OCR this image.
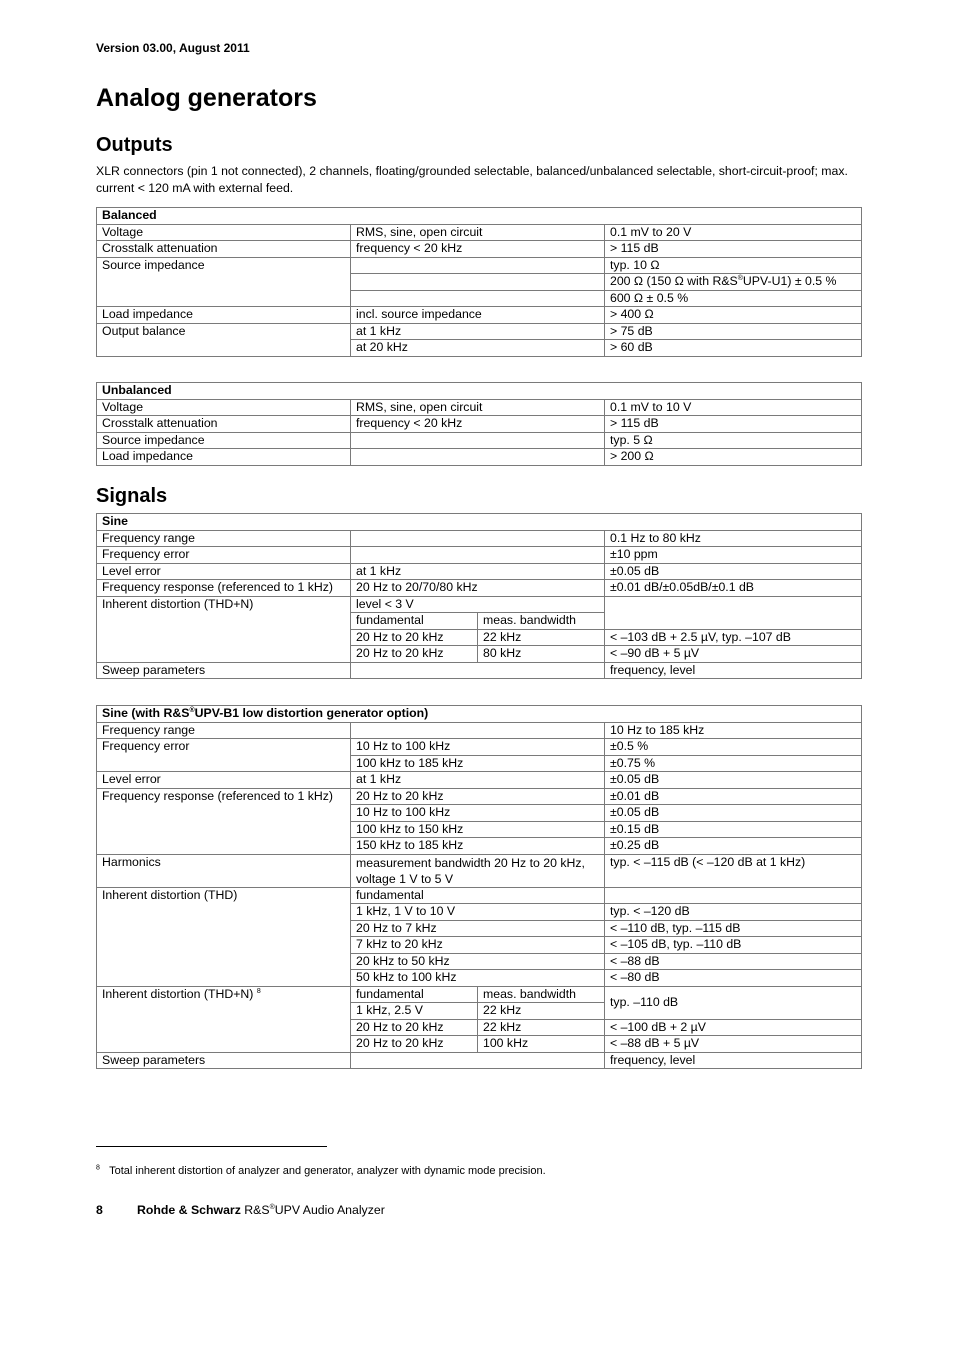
Version 03.00, August 2011
Analog generators
Outputs

XLR connectors (pin 1 not connected), 2 channels, floating/grounded selectable, balanced/unbalanced selectable, short-circuit-proof; max. current < 120 mA with external feed.

Balanced		
Voltage	RMS, sine, open circuit	0.1 mV to 20 V
Crosstalk attenuation	frequency < 20 kHz	> 115 dB
Source impedance		typ. 10 Ω
		200 Ω (150 Ω with R&S®UPV-U1) ± 0.5 %
		600 Ω ± 0.5 %
Load impedance	incl. source impedance	> 400 Ω
Output balance	at 1 kHz	> 75 dB
	at 20 kHz	> 60 dB
Unbalanced		
Voltage	RMS, sine, open circuit	0.1 mV to 10 V
Crosstalk attenuation	frequency < 20 kHz	> 115 dB
Source impedance		typ. 5 Ω
Load impedance		> 200 Ω
Signals
Sine			
Frequency range			0.1 Hz to 80 kHz
Frequency error			±10 ppm
Level error	at 1 kHz		±0.05 dB
Frequency response (referenced to 1 kHz)	20 Hz to 20/70/80 kHz		±0.01 dB/±0.05dB/±0.1 dB
Inherent distortion (THD+N)	level < 3 V		
	fundamental	meas. bandwidth	
	20 Hz to 20 kHz	22 kHz	< –103 dB + 2.5 µV, typ. –107 dB
	20 Hz to 20 kHz	80 kHz	< –90 dB + 5 µV
Sweep parameters			frequency, level
Sine (with R&S®UPV-B1 low distortion generator option)			
Frequency range			10 Hz to 185 kHz
Frequency error	10 Hz to 100 kHz		±0.5 %
	100 kHz to 185 kHz		±0.75 %
Level error	at 1 kHz		±0.05 dB
Frequency response (referenced to 1 kHz)	20 Hz to 20 kHz		±0.01 dB
	10 Hz to 100 kHz		±0.05 dB
	100 kHz to 150 kHz		±0.15 dB
	150 kHz to 185 kHz		±0.25 dB
Harmonics	measurement bandwidth 20 Hz to 20 kHz, voltage 1 V to 5 V		typ. < –115 dB (< –120 dB at 1 kHz)
Inherent distortion (THD)	fundamental		
	1 kHz, 1 V to 10 V		typ. < –120 dB
	20 Hz to 7 kHz		< –110 dB, typ. –115 dB
	7 kHz to 20 kHz		< –105 dB, typ. –110 dB
	20 kHz to 50 kHz		< –88 dB
	50 kHz to 100 kHz		< –80 dB
Inherent distortion (THD+N) $^8$	fundamental	meas. bandwidth	typ. –110 dB
	1 kHz, 2.5 V	22 kHz	
	20 Hz to 20 kHz	22 kHz	< –100 dB + 2 µV
	20 Hz to 20 kHz	100 kHz	< –88 dB + 5 µV
Sweep parameters			frequency, level
$^8$ Total inherent distortion of analyzer and generator, analyzer with dynamic mode precision.
8	Rohde & Schwarz R&S®UPV Audio Analyzer
